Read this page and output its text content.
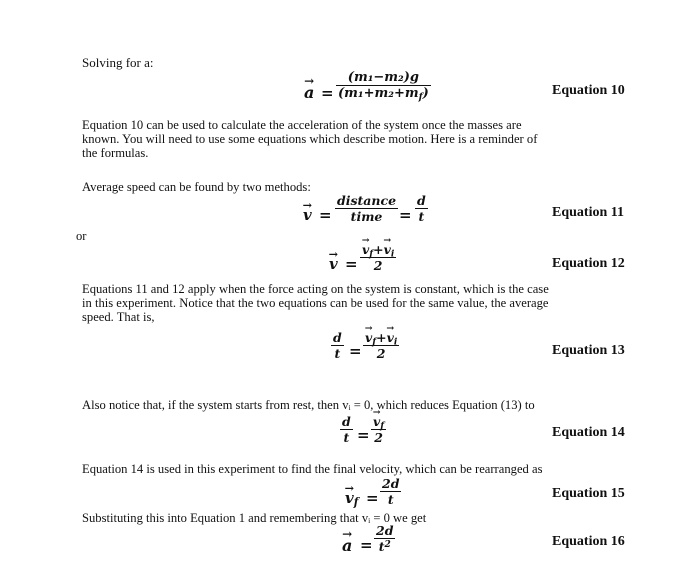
Solving for a:
→ a =
(m₁−m₂)g
$(m_1+m_2+m_f)$	Equation 10
Equation 10 can be used to calculate the acceleration of the system once the masses are
known. You will need to use some equations which describe motion. Here is a reminder of
the formulas.
Average speed can be found by two methods:
→ v =
distance
time =
d
t	Equation 11
or
→ v =
→ $v_f+\to v_i$
2	Equation 12
Equations 11 and 12 apply when the force acting on the system is constant, which is the case
in this experiment. Notice that the two equations can be used for the same value, the average
speed. That is,
d
t =
→ $v_f+\to v_i$
2	Equation 13
Also notice that, if the system starts from rest, then vᵢ = 0, which reduces Equation (13) to
d
t =
→ $v_f$
2	Equation 14
Equation 14 is used in this experiment to find the final velocity, which can be rearranged as
→ $v_f$ =
2d
t	Equation 15
Substituting this into Equation 1 and remembering that vᵢ = 0 we get
→ a =
2d
$t^2$	Equation 16
